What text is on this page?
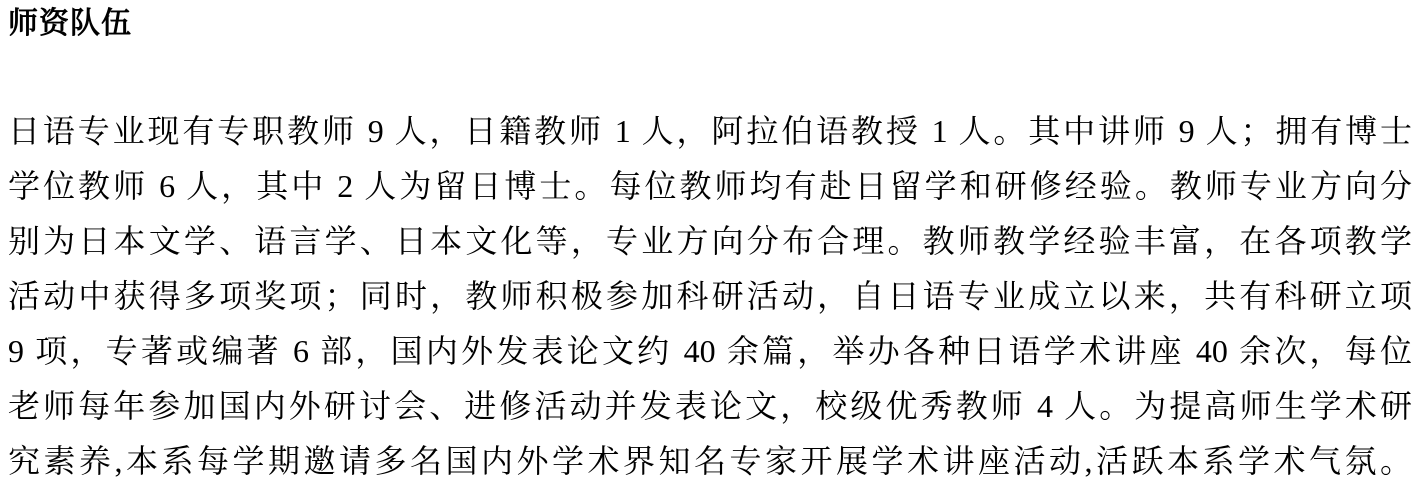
师资队伍
日语专业现有专职教师 9 人，日籍教师 1 人，阿拉伯语教授 1 人。其中讲师 9 人；拥有博士
学位教师 6 人，其中 2 人为留日博士。每位教师均有赴日留学和研修经验。教师专业方向分
别为日本文学、语言学、日本文化等，专业方向分布合理。教师教学经验丰富，在各项教学
活动中获得多项奖项；同时，教师积极参加科研活动，自日语专业成立以来，共有科研立项
9 项，专著或编著 6 部，国内外发表论文约 40 余篇，举办各种日语学术讲座 40 余次，每位
老师每年参加国内外研讨会、进修活动并发表论文，校级优秀教师 4 人。为提高师生学术研
究素养,本系每学期邀请多名国内外学术界知名专家开展学术讲座活动,活跃本系学术气氛。
